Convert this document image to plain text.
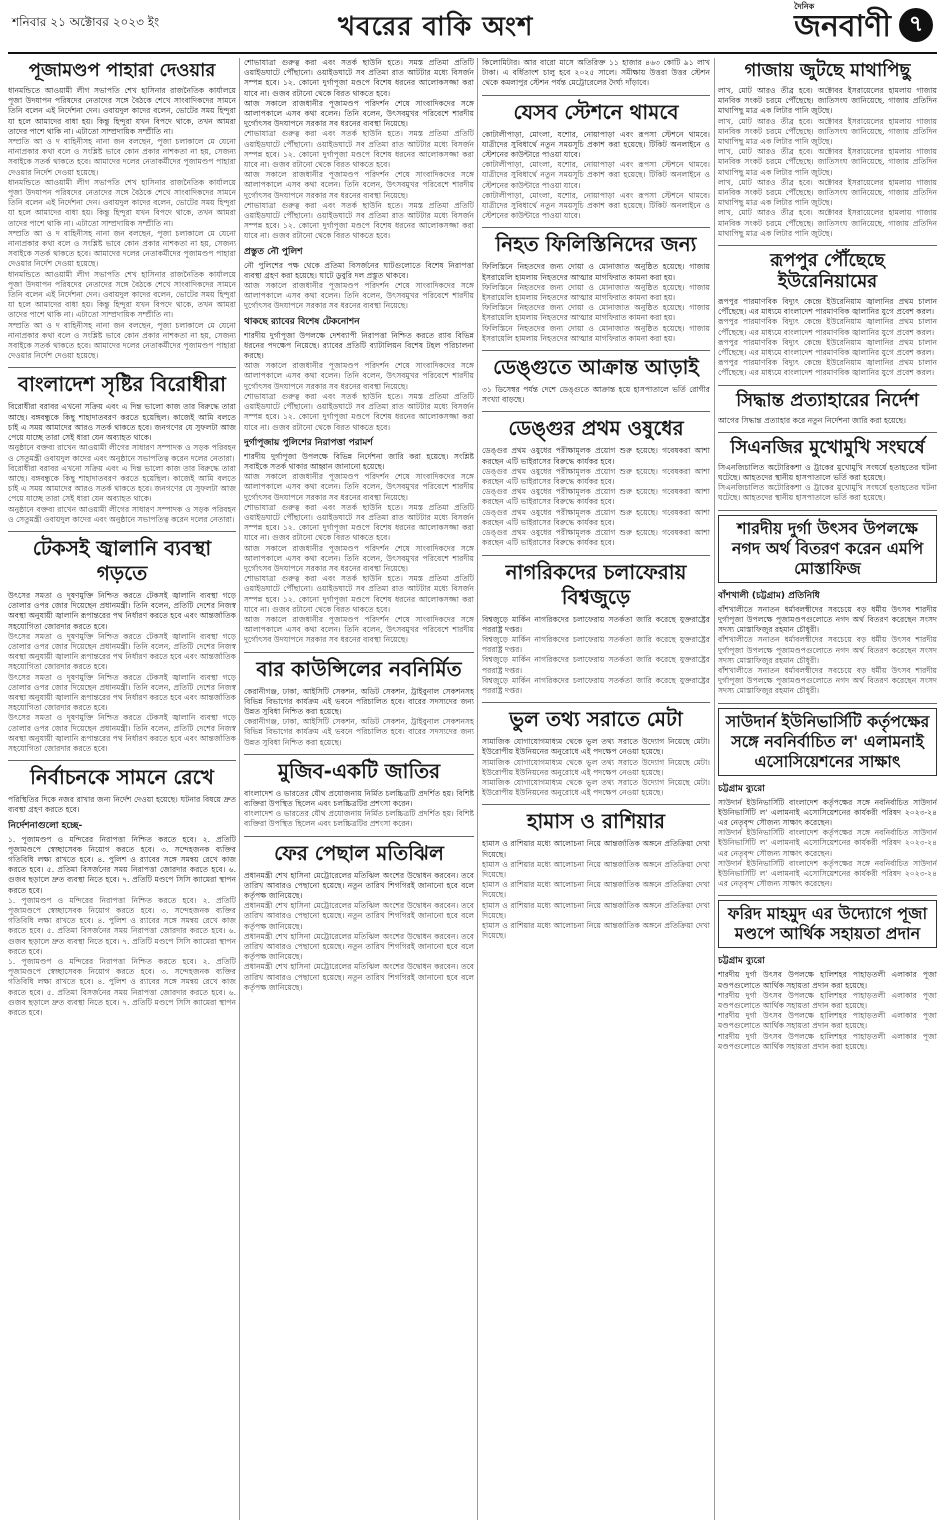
শনিবার ২১ অক্টোবর ২০২৩ ইং	খবরের বাকি অংশ
দৈনিক
জনবাণী ৭
পূজামণ্ডপ পাহারা দেওয়ার

ধানমন্ডিতে আওয়ামী লীগ সভাপতি শেখ হাসিনার রাজনৈতিক কার্যালয়ে পূজা উদযাপন পরিষদের নেতাদের সঙ্গে বৈঠকে শেখে সাংবাদিকদের সামনে তিনি বলেন এই নির্দেশনা দেন। ওবায়দুল কাদের বলেন, ভোটের সময় হিন্দুরা যা হলে আমাদের বাধা হয়। কিন্তু হিন্দুরা যখন বিপদে থাকে, তখন আমরা তাদের পাশে থাকি না। এটাতো সাম্প্রদায়িক সম্প্রীতি না।

সম্প্রতি আ ও দ বাহিনীসহ নানা জন বলছেন, পূজা চলাকালে মে যেনো নানাপ্রকার কথা বলে ও সংশ্লিষ্ট ভাবে কোন প্রকার নাশকতা না হয়, সেজন্য সবাইকে সতর্ক থাকতে হবে। আমাদের দলের নেতাকর্মীদের পূজামণ্ডপ পাহারা দেওয়ার নির্দেশ দেওয়া হয়েছে।

ধানমন্ডিতে আওয়ামী লীগ সভাপতি শেখ হাসিনার রাজনৈতিক কার্যালয়ে পূজা উদযাপন পরিষদের নেতাদের সঙ্গে বৈঠকে শেখে সাংবাদিকদের সামনে তিনি বলেন এই নির্দেশনা দেন। ওবায়দুল কাদের বলেন, ভোটের সময় হিন্দুরা যা হলে আমাদের বাধা হয়। কিন্তু হিন্দুরা যখন বিপদে থাকে, তখন আমরা তাদের পাশে থাকি না। এটাতো সাম্প্রদায়িক সম্প্রীতি না।

সম্প্রতি আ ও দ বাহিনীসহ নানা জন বলছেন, পূজা চলাকালে মে যেনো নানাপ্রকার কথা বলে ও সংশ্লিষ্ট ভাবে কোন প্রকার নাশকতা না হয়, সেজন্য সবাইকে সতর্ক থাকতে হবে। আমাদের দলের নেতাকর্মীদের পূজামণ্ডপ পাহারা দেওয়ার নির্দেশ দেওয়া হয়েছে।

ধানমন্ডিতে আওয়ামী লীগ সভাপতি শেখ হাসিনার রাজনৈতিক কার্যালয়ে পূজা উদযাপন পরিষদের নেতাদের সঙ্গে বৈঠকে শেখে সাংবাদিকদের সামনে তিনি বলেন এই নির্দেশনা দেন। ওবায়দুল কাদের বলেন, ভোটের সময় হিন্দুরা যা হলে আমাদের বাধা হয়। কিন্তু হিন্দুরা যখন বিপদে থাকে, তখন আমরা তাদের পাশে থাকি না। এটাতো সাম্প্রদায়িক সম্প্রীতি না।

সম্প্রতি আ ও দ বাহিনীসহ নানা জন বলছেন, পূজা চলাকালে মে যেনো নানাপ্রকার কথা বলে ও সংশ্লিষ্ট ভাবে কোন প্রকার নাশকতা না হয়, সেজন্য সবাইকে সতর্ক থাকতে হবে। আমাদের দলের নেতাকর্মীদের পূজামণ্ডপ পাহারা দেওয়ার নির্দেশ দেওয়া হয়েছে।

বাংলাদেশ সৃষ্টির বিরোধীরা

বিরোধীরা বরাবর এখনো সক্রিয় এবং এ দিন্ত ভালো কাজ তার বিরুদ্ধে তারা আছে। বঙ্গবন্ধুকে কিছু শাহাদাতবরণ করতে হয়েছিল। কাজেই আমি বলতে চাই এ সময় আমাদের আরও সতর্ক থাকতে হবে। জনগণের যে সুফলটা আজ পেয়ে যাচ্ছে তারা সেই ধারা যেন অব্যাহত থাকে।

অনুষ্ঠানে বক্তব্য রাখেন আওয়ামী লীগের সাধারণ সম্পাদক ও সড়ক পরিবহন ও সেতুমন্ত্রী ওবায়দুল কাদের এবং অনুষ্ঠানে সভাপতিত্ব করেন দলের নেতারা।

বিরোধীরা বরাবর এখনো সক্রিয় এবং এ দিন্ত ভালো কাজ তার বিরুদ্ধে তারা আছে। বঙ্গবন্ধুকে কিছু শাহাদাতবরণ করতে হয়েছিল। কাজেই আমি বলতে চাই এ সময় আমাদের আরও সতর্ক থাকতে হবে। জনগণের যে সুফলটা আজ পেয়ে যাচ্ছে তারা সেই ধারা যেন অব্যাহত থাকে।

অনুষ্ঠানে বক্তব্য রাখেন আওয়ামী লীগের সাধারণ সম্পাদক ও সড়ক পরিবহন ও সেতুমন্ত্রী ওবায়দুল কাদের এবং অনুষ্ঠানে সভাপতিত্ব করেন দলের নেতারা।

টেকসই জ্বালানি ব্যবস্থা গড়তে

উৎসের সমতা ও দূষণমুক্তি নিশ্চিত করতে টেকসই জ্বালানি ব্যবস্থা গড়ে তোলার ওপর জোর দিয়েছেন প্রধানমন্ত্রী। তিনি বলেন, প্রতিটি দেশের নিজস্ব অবস্থা অনুযায়ী জ্বালানি রূপান্তরের পথ নির্ধারণ করতে হবে এবং আন্তর্জাতিক সহযোগিতা জোরদার করতে হবে।

উৎসের সমতা ও দূষণমুক্তি নিশ্চিত করতে টেকসই জ্বালানি ব্যবস্থা গড়ে তোলার ওপর জোর দিয়েছেন প্রধানমন্ত্রী। তিনি বলেন, প্রতিটি দেশের নিজস্ব অবস্থা অনুযায়ী জ্বালানি রূপান্তরের পথ নির্ধারণ করতে হবে এবং আন্তর্জাতিক সহযোগিতা জোরদার করতে হবে।

উৎসের সমতা ও দূষণমুক্তি নিশ্চিত করতে টেকসই জ্বালানি ব্যবস্থা গড়ে তোলার ওপর জোর দিয়েছেন প্রধানমন্ত্রী। তিনি বলেন, প্রতিটি দেশের নিজস্ব অবস্থা অনুযায়ী জ্বালানি রূপান্তরের পথ নির্ধারণ করতে হবে এবং আন্তর্জাতিক সহযোগিতা জোরদার করতে হবে।

উৎসের সমতা ও দূষণমুক্তি নিশ্চিত করতে টেকসই জ্বালানি ব্যবস্থা গড়ে তোলার ওপর জোর দিয়েছেন প্রধানমন্ত্রী। তিনি বলেন, প্রতিটি দেশের নিজস্ব অবস্থা অনুযায়ী জ্বালানি রূপান্তরের পথ নির্ধারণ করতে হবে এবং আন্তর্জাতিক সহযোগিতা জোরদার করতে হবে।

নির্বাচনকে সামনে রেখে

পরিস্থিতির দিকে নজর রাখার জন্য নির্দেশ দেওয়া হয়েছে। ঘটনার বিষয়ে দ্রুত ব্যবস্থা গ্রহণ করতে হবে।

নির্দেশনাগুলো হচ্ছে-

১. পূজামণ্ডপ ও মন্দিরের নিরাপত্তা নিশ্চিত করতে হবে। ২. প্রতিটি পূজামণ্ডপে স্বেচ্ছাসেবক নিয়োগ করতে হবে। ৩. সন্দেহজনক ব্যক্তির গতিবিধি লক্ষ্য রাখতে হবে। ৪. পুলিশ ও র‌্যাবের সঙ্গে সমন্বয় রেখে কাজ করতে হবে। ৫. প্রতিমা বিসর্জনের সময় নিরাপত্তা জোরদার করতে হবে। ৬. গুজব ছড়ালে দ্রুত ব্যবস্থা নিতে হবে। ৭. প্রতিটি মণ্ডপে সিসি ক্যামেরা স্থাপন করতে হবে।

১. পূজামণ্ডপ ও মন্দিরের নিরাপত্তা নিশ্চিত করতে হবে। ২. প্রতিটি পূজামণ্ডপে স্বেচ্ছাসেবক নিয়োগ করতে হবে। ৩. সন্দেহজনক ব্যক্তির গতিবিধি লক্ষ্য রাখতে হবে। ৪. পুলিশ ও র‌্যাবের সঙ্গে সমন্বয় রেখে কাজ করতে হবে। ৫. প্রতিমা বিসর্জনের সময় নিরাপত্তা জোরদার করতে হবে। ৬. গুজব ছড়ালে দ্রুত ব্যবস্থা নিতে হবে। ৭. প্রতিটি মণ্ডপে সিসি ক্যামেরা স্থাপন করতে হবে।

১. পূজামণ্ডপ ও মন্দিরের নিরাপত্তা নিশ্চিত করতে হবে। ২. প্রতিটি পূজামণ্ডপে স্বেচ্ছাসেবক নিয়োগ করতে হবে। ৩. সন্দেহজনক ব্যক্তির গতিবিধি লক্ষ্য রাখতে হবে। ৪. পুলিশ ও র‌্যাবের সঙ্গে সমন্বয় রেখে কাজ করতে হবে। ৫. প্রতিমা বিসর্জনের সময় নিরাপত্তা জোরদার করতে হবে। ৬. গুজব ছড়ালে দ্রুত ব্যবস্থা নিতে হবে। ৭. প্রতিটি মণ্ডপে সিসি ক্যামেরা স্থাপন করতে হবে।

শোভাযাত্রা গুরুত্ব করা এবং সতর্ক ছাউনি হতে। সমস্ত প্রতিমা প্রতিটি ওয়াইডঘাটে পৌঁছানো। ওয়াইডঘাটে সব প্রতিমা রাত আটটার মধ্যে বিসর্জন সম্পন্ন হবে। ১২. কোনো দুর্গাপূজা মণ্ডপে বিশেষ ধরনের আলোকসজ্জা করা যাবে না। গুজব রটানো থেকে বিরত থাকতে হবে।

আজ সকালে রাজধানীর পূজামণ্ডপ পরিদর্শন শেষে সাংবাদিকদের সঙ্গে আলাপকালে এসব কথা বলেন। তিনি বলেন, উৎসবমুখর পরিবেশে শারদীয় দুর্গোৎসব উদযাপনে সরকার সব ধরনের ব্যবস্থা নিয়েছে।

শোভাযাত্রা গুরুত্ব করা এবং সতর্ক ছাউনি হতে। সমস্ত প্রতিমা প্রতিটি ওয়াইডঘাটে পৌঁছানো। ওয়াইডঘাটে সব প্রতিমা রাত আটটার মধ্যে বিসর্জন সম্পন্ন হবে। ১২. কোনো দুর্গাপূজা মণ্ডপে বিশেষ ধরনের আলোকসজ্জা করা যাবে না। গুজব রটানো থেকে বিরত থাকতে হবে।

আজ সকালে রাজধানীর পূজামণ্ডপ পরিদর্শন শেষে সাংবাদিকদের সঙ্গে আলাপকালে এসব কথা বলেন। তিনি বলেন, উৎসবমুখর পরিবেশে শারদীয় দুর্গোৎসব উদযাপনে সরকার সব ধরনের ব্যবস্থা নিয়েছে।

শোভাযাত্রা গুরুত্ব করা এবং সতর্ক ছাউনি হতে। সমস্ত প্রতিমা প্রতিটি ওয়াইডঘাটে পৌঁছানো। ওয়াইডঘাটে সব প্রতিমা রাত আটটার মধ্যে বিসর্জন সম্পন্ন হবে। ১২. কোনো দুর্গাপূজা মণ্ডপে বিশেষ ধরনের আলোকসজ্জা করা যাবে না। গুজব রটানো থেকে বিরত থাকতে হবে।

প্রস্তুত নৌ পুলিশ

নৌ পুলিশের পক্ষ থেকে প্রতিমা বিসর্জনের ঘাটগুলোতে বিশেষ নিরাপত্তা ব্যবস্থা গ্রহণ করা হয়েছে। ঘাটে ডুবুরি দল প্রস্তুত থাকবে।

আজ সকালে রাজধানীর পূজামণ্ডপ পরিদর্শন শেষে সাংবাদিকদের সঙ্গে আলাপকালে এসব কথা বলেন। তিনি বলেন, উৎসবমুখর পরিবেশে শারদীয় দুর্গোৎসব উদযাপনে সরকার সব ধরনের ব্যবস্থা নিয়েছে।

থাকছে র‌্যাবের বিশেষ টেকনোশন

শারদীয় দুর্গাপূজা উপলক্ষে দেশব্যাপী নিরাপত্তা নিশ্চিত করতে র‌্যাব বিভিন্ন ধরনের পদক্ষেপ নিয়েছে। র‌্যাবের প্রতিটি ব্যাটালিয়ন বিশেষ টহল পরিচালনা করছে।

আজ সকালে রাজধানীর পূজামণ্ডপ পরিদর্শন শেষে সাংবাদিকদের সঙ্গে আলাপকালে এসব কথা বলেন। তিনি বলেন, উৎসবমুখর পরিবেশে শারদীয় দুর্গোৎসব উদযাপনে সরকার সব ধরনের ব্যবস্থা নিয়েছে।

শোভাযাত্রা গুরুত্ব করা এবং সতর্ক ছাউনি হতে। সমস্ত প্রতিমা প্রতিটি ওয়াইডঘাটে পৌঁছানো। ওয়াইডঘাটে সব প্রতিমা রাত আটটার মধ্যে বিসর্জন সম্পন্ন হবে। ১২. কোনো দুর্গাপূজা মণ্ডপে বিশেষ ধরনের আলোকসজ্জা করা যাবে না। গুজব রটানো থেকে বিরত থাকতে হবে।

দুর্গাপূজায় পুলিশের নিরাপত্তা পরামর্শ

শারদীয় দুর্গাপূজা উপলক্ষে বিভিন্ন নির্দেশনা জারি করা হয়েছে। সংশ্লিষ্ট সবাইকে সতর্ক থাকার আহ্বান জানানো হয়েছে।

আজ সকালে রাজধানীর পূজামণ্ডপ পরিদর্শন শেষে সাংবাদিকদের সঙ্গে আলাপকালে এসব কথা বলেন। তিনি বলেন, উৎসবমুখর পরিবেশে শারদীয় দুর্গোৎসব উদযাপনে সরকার সব ধরনের ব্যবস্থা নিয়েছে।

শোভাযাত্রা গুরুত্ব করা এবং সতর্ক ছাউনি হতে। সমস্ত প্রতিমা প্রতিটি ওয়াইডঘাটে পৌঁছানো। ওয়াইডঘাটে সব প্রতিমা রাত আটটার মধ্যে বিসর্জন সম্পন্ন হবে। ১২. কোনো দুর্গাপূজা মণ্ডপে বিশেষ ধরনের আলোকসজ্জা করা যাবে না। গুজব রটানো থেকে বিরত থাকতে হবে।

আজ সকালে রাজধানীর পূজামণ্ডপ পরিদর্শন শেষে সাংবাদিকদের সঙ্গে আলাপকালে এসব কথা বলেন। তিনি বলেন, উৎসবমুখর পরিবেশে শারদীয় দুর্গোৎসব উদযাপনে সরকার সব ধরনের ব্যবস্থা নিয়েছে।

শোভাযাত্রা গুরুত্ব করা এবং সতর্ক ছাউনি হতে। সমস্ত প্রতিমা প্রতিটি ওয়াইডঘাটে পৌঁছানো। ওয়াইডঘাটে সব প্রতিমা রাত আটটার মধ্যে বিসর্জন সম্পন্ন হবে। ১২. কোনো দুর্গাপূজা মণ্ডপে বিশেষ ধরনের আলোকসজ্জা করা যাবে না। গুজব রটানো থেকে বিরত থাকতে হবে।

আজ সকালে রাজধানীর পূজামণ্ডপ পরিদর্শন শেষে সাংবাদিকদের সঙ্গে আলাপকালে এসব কথা বলেন। তিনি বলেন, উৎসবমুখর পরিবেশে শারদীয় দুর্গোৎসব উদযাপনে সরকার সব ধরনের ব্যবস্থা নিয়েছে।

বার কাউন্সিলের নবনির্মিত

কেরানীগঞ্জ, ঢাকা, আইসিটি সেকশন, অডিট সেকশন, ট্রাইবুনাল সেকশনসহ বিভিন্ন বিভাগের কার্যক্রম এই ভবনে পরিচালিত হবে। বারের সদস্যদের জন্য উন্নত সুবিধা নিশ্চিত করা হয়েছে।

কেরানীগঞ্জ, ঢাকা, আইসিটি সেকশন, অডিট সেকশন, ট্রাইবুনাল সেকশনসহ বিভিন্ন বিভাগের কার্যক্রম এই ভবনে পরিচালিত হবে। বারের সদস্যদের জন্য উন্নত সুবিধা নিশ্চিত করা হয়েছে।

মুজিব-একটি জাতির

বাংলাদেশ ও ভারতের যৌথ প্রযোজনায় নির্মিত চলচ্চিত্রটি প্রদর্শিত হয়। বিশিষ্ট ব্যক্তিরা উপস্থিত ছিলেন এবং চলচ্চিত্রটির প্রশংসা করেন।

বাংলাদেশ ও ভারতের যৌথ প্রযোজনায় নির্মিত চলচ্চিত্রটি প্রদর্শিত হয়। বিশিষ্ট ব্যক্তিরা উপস্থিত ছিলেন এবং চলচ্চিত্রটির প্রশংসা করেন।

ফের পেছাল মতিঝিল

প্রধানমন্ত্রী শেখ হাসিনা মেট্রোরেলের মতিঝিল অংশের উদ্বোধন করবেন। তবে তারিখ আবারও পেছানো হয়েছে। নতুন তারিখ শিগগিরই জানানো হবে বলে কর্তৃপক্ষ জানিয়েছে।

প্রধানমন্ত্রী শেখ হাসিনা মেট্রোরেলের মতিঝিল অংশের উদ্বোধন করবেন। তবে তারিখ আবারও পেছানো হয়েছে। নতুন তারিখ শিগগিরই জানানো হবে বলে কর্তৃপক্ষ জানিয়েছে।

প্রধানমন্ত্রী শেখ হাসিনা মেট্রোরেলের মতিঝিল অংশের উদ্বোধন করবেন। তবে তারিখ আবারও পেছানো হয়েছে। নতুন তারিখ শিগগিরই জানানো হবে বলে কর্তৃপক্ষ জানিয়েছে।

প্রধানমন্ত্রী শেখ হাসিনা মেট্রোরেলের মতিঝিল অংশের উদ্বোধন করবেন। তবে তারিখ আবারও পেছানো হয়েছে। নতুন তারিখ শিগগিরই জানানো হবে বলে কর্তৃপক্ষ জানিয়েছে।

কিলোমিটার। আর বারো মাসে অতিরিক্ত ১১ হাজার ৪৬৩ কোটি ৯১ লাখ টাকা। এ বর্ধিতাংশ চালু হবে ২০২৫ সালে। সমীক্ষায় উত্তরা উত্তর স্টেশন থেকে কমলাপুর স্টেশন পর্যন্ত মেট্রোরেলের দৈর্ঘ্য দাঁড়াবে।

যেসব স্টেশনে থামবে

কোটালীপাড়া, মোংলা, যশোর, নোয়াপাড়া এবং রূপসা স্টেশনে থামবে। যাত্রীদের সুবিধার্থে নতুন সময়সূচি প্রকাশ করা হয়েছে। টিকিট অনলাইনে ও স্টেশনের কাউন্টারে পাওয়া যাবে।

কোটালীপাড়া, মোংলা, যশোর, নোয়াপাড়া এবং রূপসা স্টেশনে থামবে। যাত্রীদের সুবিধার্থে নতুন সময়সূচি প্রকাশ করা হয়েছে। টিকিট অনলাইনে ও স্টেশনের কাউন্টারে পাওয়া যাবে।

কোটালীপাড়া, মোংলা, যশোর, নোয়াপাড়া এবং রূপসা স্টেশনে থামবে। যাত্রীদের সুবিধার্থে নতুন সময়সূচি প্রকাশ করা হয়েছে। টিকিট অনলাইনে ও স্টেশনের কাউন্টারে পাওয়া যাবে।

নিহত ফিলিস্তিনিদের জন্য

ফিলিস্তিনে নিহতদের জন্য দোয়া ও মোনাজাত অনুষ্ঠিত হয়েছে। গাজায় ইসরায়েলি হামলায় নিহতদের আত্মার মাগফিরাত কামনা করা হয়।

ফিলিস্তিনে নিহতদের জন্য দোয়া ও মোনাজাত অনুষ্ঠিত হয়েছে। গাজায় ইসরায়েলি হামলায় নিহতদের আত্মার মাগফিরাত কামনা করা হয়।

ফিলিস্তিনে নিহতদের জন্য দোয়া ও মোনাজাত অনুষ্ঠিত হয়েছে। গাজায় ইসরায়েলি হামলায় নিহতদের আত্মার মাগফিরাত কামনা করা হয়।

ফিলিস্তিনে নিহতদের জন্য দোয়া ও মোনাজাত অনুষ্ঠিত হয়েছে। গাজায় ইসরায়েলি হামলায় নিহতদের আত্মার মাগফিরাত কামনা করা হয়।

ডেঙ্গুতে আক্রান্ত আড়াই

৩১ ডিসেম্বর পর্যন্ত দেশে ডেঙ্গুতে আক্রান্ত হয়ে হাসপাতালে ভর্তি রোগীর সংখ্যা বাড়ছে।

ডেঙ্গুর প্রথম ওষুধের

ডেঙ্গুর প্রথম ওষুধের পরীক্ষামূলক প্রয়োগ শুরু হয়েছে। গবেষকরা আশা করছেন এটি ভাইরাসের বিরুদ্ধে কার্যকর হবে।

ডেঙ্গুর প্রথম ওষুধের পরীক্ষামূলক প্রয়োগ শুরু হয়েছে। গবেষকরা আশা করছেন এটি ভাইরাসের বিরুদ্ধে কার্যকর হবে।

ডেঙ্গুর প্রথম ওষুধের পরীক্ষামূলক প্রয়োগ শুরু হয়েছে। গবেষকরা আশা করছেন এটি ভাইরাসের বিরুদ্ধে কার্যকর হবে।

ডেঙ্গুর প্রথম ওষুধের পরীক্ষামূলক প্রয়োগ শুরু হয়েছে। গবেষকরা আশা করছেন এটি ভাইরাসের বিরুদ্ধে কার্যকর হবে।

ডেঙ্গুর প্রথম ওষুধের পরীক্ষামূলক প্রয়োগ শুরু হয়েছে। গবেষকরা আশা করছেন এটি ভাইরাসের বিরুদ্ধে কার্যকর হবে।

নাগরিকদের চলাফেরায় বিশ্বজুড়ে

বিশ্বজুড়ে মার্কিন নাগরিকদের চলাফেরায় সতর্কতা জারি করেছে যুক্তরাষ্ট্রের পররাষ্ট্র দপ্তর।

বিশ্বজুড়ে মার্কিন নাগরিকদের চলাফেরায় সতর্কতা জারি করেছে যুক্তরাষ্ট্রের পররাষ্ট্র দপ্তর।

বিশ্বজুড়ে মার্কিন নাগরিকদের চলাফেরায় সতর্কতা জারি করেছে যুক্তরাষ্ট্রের পররাষ্ট্র দপ্তর।

বিশ্বজুড়ে মার্কিন নাগরিকদের চলাফেরায় সতর্কতা জারি করেছে যুক্তরাষ্ট্রের পররাষ্ট্র দপ্তর।

ভুল তথ্য সরাতে মেটা

সামাজিক যোগাযোগমাধ্যম থেকে ভুল তথ্য সরাতে উদ্যোগ নিয়েছে মেটা। ইউরোপীয় ইউনিয়নের অনুরোধে এই পদক্ষেপ নেওয়া হয়েছে।

সামাজিক যোগাযোগমাধ্যম থেকে ভুল তথ্য সরাতে উদ্যোগ নিয়েছে মেটা। ইউরোপীয় ইউনিয়নের অনুরোধে এই পদক্ষেপ নেওয়া হয়েছে।

সামাজিক যোগাযোগমাধ্যম থেকে ভুল তথ্য সরাতে উদ্যোগ নিয়েছে মেটা। ইউরোপীয় ইউনিয়নের অনুরোধে এই পদক্ষেপ নেওয়া হয়েছে।

হামাস ও রাশিয়ার

হামাস ও রাশিয়ার মধ্যে আলোচনা নিয়ে আন্তর্জাতিক অঙ্গনে প্রতিক্রিয়া দেখা দিয়েছে।

হামাস ও রাশিয়ার মধ্যে আলোচনা নিয়ে আন্তর্জাতিক অঙ্গনে প্রতিক্রিয়া দেখা দিয়েছে।

হামাস ও রাশিয়ার মধ্যে আলোচনা নিয়ে আন্তর্জাতিক অঙ্গনে প্রতিক্রিয়া দেখা দিয়েছে।

হামাস ও রাশিয়ার মধ্যে আলোচনা নিয়ে আন্তর্জাতিক অঙ্গনে প্রতিক্রিয়া দেখা দিয়েছে।

হামাস ও রাশিয়ার মধ্যে আলোচনা নিয়ে আন্তর্জাতিক অঙ্গনে প্রতিক্রিয়া দেখা দিয়েছে।

গাজায় জুটছে মাথাপিছু

লাখ, মোট আরও তীব্র হবে। অক্টোবর ইসরায়েলের হামলায় গাজায় মানবিক সংকট চরমে পৌঁছেছে। জাতিসংঘ জানিয়েছে, গাজায় প্রতিদিন মাথাপিছু মাত্র এক লিটার পানি জুটছে।

লাখ, মোট আরও তীব্র হবে। অক্টোবর ইসরায়েলের হামলায় গাজায় মানবিক সংকট চরমে পৌঁছেছে। জাতিসংঘ জানিয়েছে, গাজায় প্রতিদিন মাথাপিছু মাত্র এক লিটার পানি জুটছে।

লাখ, মোট আরও তীব্র হবে। অক্টোবর ইসরায়েলের হামলায় গাজায় মানবিক সংকট চরমে পৌঁছেছে। জাতিসংঘ জানিয়েছে, গাজায় প্রতিদিন মাথাপিছু মাত্র এক লিটার পানি জুটছে।

লাখ, মোট আরও তীব্র হবে। অক্টোবর ইসরায়েলের হামলায় গাজায় মানবিক সংকট চরমে পৌঁছেছে। জাতিসংঘ জানিয়েছে, গাজায় প্রতিদিন মাথাপিছু মাত্র এক লিটার পানি জুটছে।

লাখ, মোট আরও তীব্র হবে। অক্টোবর ইসরায়েলের হামলায় গাজায় মানবিক সংকট চরমে পৌঁছেছে। জাতিসংঘ জানিয়েছে, গাজায় প্রতিদিন মাথাপিছু মাত্র এক লিটার পানি জুটছে।

রূপপুর পৌঁছেছে ইউরেনিয়ামের

রূপপুর পারমাণবিক বিদ্যুৎ কেন্দ্রে ইউরেনিয়াম জ্বালানির প্রথম চালান পৌঁছেছে। এর মাধ্যমে বাংলাদেশ পারমাণবিক জ্বালানির যুগে প্রবেশ করল।

রূপপুর পারমাণবিক বিদ্যুৎ কেন্দ্রে ইউরেনিয়াম জ্বালানির প্রথম চালান পৌঁছেছে। এর মাধ্যমে বাংলাদেশ পারমাণবিক জ্বালানির যুগে প্রবেশ করল।

রূপপুর পারমাণবিক বিদ্যুৎ কেন্দ্রে ইউরেনিয়াম জ্বালানির প্রথম চালান পৌঁছেছে। এর মাধ্যমে বাংলাদেশ পারমাণবিক জ্বালানির যুগে প্রবেশ করল।

রূপপুর পারমাণবিক বিদ্যুৎ কেন্দ্রে ইউরেনিয়াম জ্বালানির প্রথম চালান পৌঁছেছে। এর মাধ্যমে বাংলাদেশ পারমাণবিক জ্বালানির যুগে প্রবেশ করল।

সিদ্ধান্ত প্রত্যাহারের নির্দেশ

আগের সিদ্ধান্ত প্রত্যাহার করে নতুন নির্দেশনা জারি করা হয়েছে।

সিএনজির মুখোমুখি সংঘর্ষে

সিএনজিচালিত অটোরিকশা ও ট্রাকের মুখোমুখি সংঘর্ষে হতাহতের ঘটনা ঘটেছে। আহতদের স্থানীয় হাসপাতালে ভর্তি করা হয়েছে।

সিএনজিচালিত অটোরিকশা ও ট্রাকের মুখোমুখি সংঘর্ষে হতাহতের ঘটনা ঘটেছে। আহতদের স্থানীয় হাসপাতালে ভর্তি করা হয়েছে।

শারদীয় দুর্গা উৎসব উপলক্ষে নগদ অর্থ বিতরণ করেন এমপি মোস্তাফিজ
বাঁশখালী (চট্টগ্রাম) প্রতিনিধি

বাঁশখালীতে সনাতন ধর্মাবলম্বীদের সবচেয়ে বড় ধর্মীয় উৎসব শারদীয় দুর্গাপূজা উপলক্ষে পূজামণ্ডপগুলোতে নগদ অর্থ বিতরণ করেছেন সংসদ সদস্য মোস্তাফিজুর রহমান চৌধুরী।

বাঁশখালীতে সনাতন ধর্মাবলম্বীদের সবচেয়ে বড় ধর্মীয় উৎসব শারদীয় দুর্গাপূজা উপলক্ষে পূজামণ্ডপগুলোতে নগদ অর্থ বিতরণ করেছেন সংসদ সদস্য মোস্তাফিজুর রহমান চৌধুরী।

বাঁশখালীতে সনাতন ধর্মাবলম্বীদের সবচেয়ে বড় ধর্মীয় উৎসব শারদীয় দুর্গাপূজা উপলক্ষে পূজামণ্ডপগুলোতে নগদ অর্থ বিতরণ করেছেন সংসদ সদস্য মোস্তাফিজুর রহমান চৌধুরী।

সাউদার্ন ইউনিভার্সিটি কর্তৃপক্ষের সঙ্গে নবনির্বাচিত ল' এলামনাই এসোসিয়েশনের সাক্ষাৎ
চট্টগ্রাম ব্যুরো

সাউদার্ন ইউনিভার্সিটি বাংলাদেশ কর্তৃপক্ষের সঙ্গে নবনির্বাচিত সাউদার্ন ইউনিভার্সিটি ল' এলামনাই এসোসিয়েশনের কার্যকরী পরিষদ ২০২৩-২৪ এর নেতৃবৃন্দ সৌজন্য সাক্ষাৎ করেছেন।

সাউদার্ন ইউনিভার্সিটি বাংলাদেশ কর্তৃপক্ষের সঙ্গে নবনির্বাচিত সাউদার্ন ইউনিভার্সিটি ল' এলামনাই এসোসিয়েশনের কার্যকরী পরিষদ ২০২৩-২৪ এর নেতৃবৃন্দ সৌজন্য সাক্ষাৎ করেছেন।

সাউদার্ন ইউনিভার্সিটি বাংলাদেশ কর্তৃপক্ষের সঙ্গে নবনির্বাচিত সাউদার্ন ইউনিভার্সিটি ল' এলামনাই এসোসিয়েশনের কার্যকরী পরিষদ ২০২৩-২৪ এর নেতৃবৃন্দ সৌজন্য সাক্ষাৎ করেছেন।

ফরিদ মাহমুদ এর উদ্যোগে পূজা মণ্ডপে আর্থিক সহায়তা প্রদান
চট্টগ্রাম ব্যুরো

শারদীয় দুর্গা উৎসব উপলক্ষে হালিশহর পাহাড়তলী এলাকার পূজা মণ্ডপগুলোতে আর্থিক সহায়তা প্রদান করা হয়েছে।

শারদীয় দুর্গা উৎসব উপলক্ষে হালিশহর পাহাড়তলী এলাকার পূজা মণ্ডপগুলোতে আর্থিক সহায়তা প্রদান করা হয়েছে।

শারদীয় দুর্গা উৎসব উপলক্ষে হালিশহর পাহাড়তলী এলাকার পূজা মণ্ডপগুলোতে আর্থিক সহায়তা প্রদান করা হয়েছে।

শারদীয় দুর্গা উৎসব উপলক্ষে হালিশহর পাহাড়তলী এলাকার পূজা মণ্ডপগুলোতে আর্থিক সহায়তা প্রদান করা হয়েছে।
